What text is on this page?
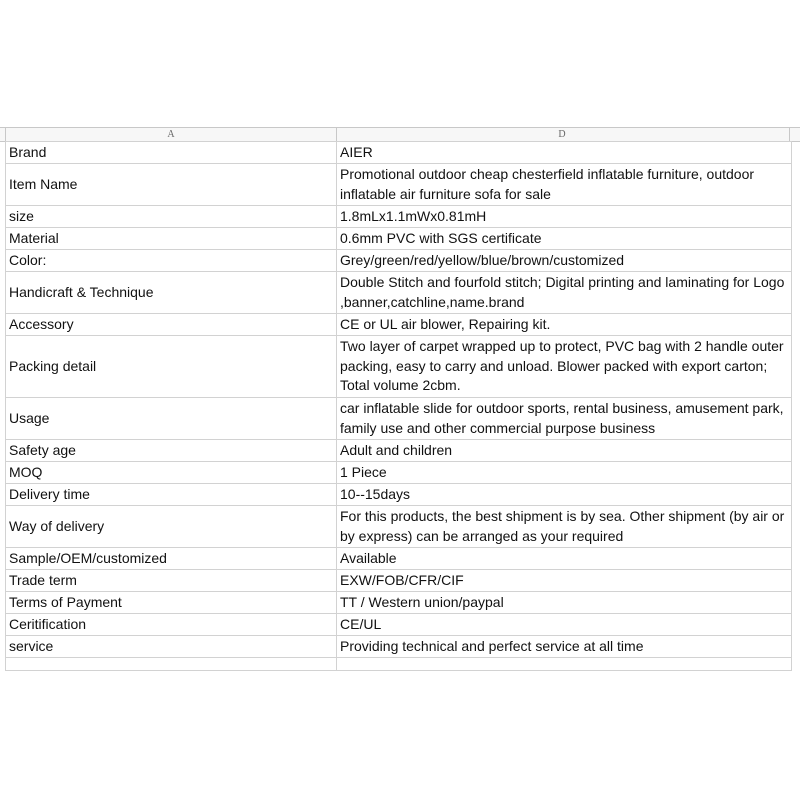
A	D
Brand	AIER
Item Name	Promotional outdoor cheap chesterfield inflatable furniture, outdoor inflatable air furniture sofa for sale
size	1.8mLx1.1mWx0.81mH
Material	0.6mm PVC with SGS certificate
Color:	Grey/green/red/yellow/blue/brown/customized
Handicraft & Technique	Double Stitch and fourfold stitch; Digital printing and laminating for Logo ,banner,catchline,name.brand
Accessory	CE or UL air blower, Repairing kit.
Packing detail	Two layer of carpet wrapped up to protect, PVC bag with 2 handle outer packing, easy to carry and unload. Blower packed with export carton; Total volume 2cbm.
Usage	car inflatable slide for outdoor sports, rental business, amusement park, family use and other commercial purpose business
Safety age	Adult and children
MOQ	1 Piece
Delivery time	10--15days
Way of delivery	For this products, the best shipment is by sea. Other shipment (by air or by express) can be arranged as your required
Sample/OEM/customized	Available
Trade term	EXW/FOB/CFR/CIF
Terms of Payment	TT / Western union/paypal
Ceritification	CE/UL
service	Providing technical and perfect service at all time
